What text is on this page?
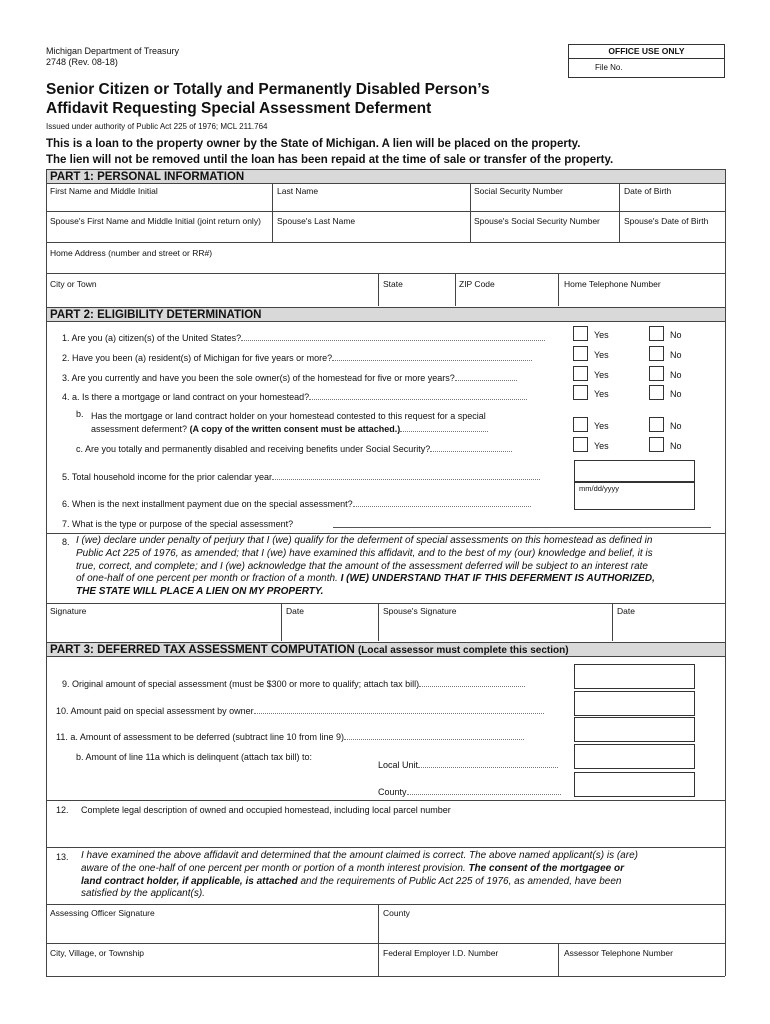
Michigan Department of Treasury
2748 (Rev. 08-18)
OFFICE USE ONLY
File No.
Senior Citizen or Totally and Permanently Disabled Person’s
Affidavit Requesting Special Assessment Deferment
Issued under authority of Public Act 225 of 1976; MCL 211.764
This is a loan to the property owner by the State of Michigan. A lien will be placed on the property.
The lien will not be removed until the loan has been repaid at the time of sale or transfer of the property.
PART 1: PERSONAL INFORMATION
First Name and Middle Initial	Last Name	Social Security Number	Date of Birth
Spouse's First Name and Middle Initial (joint return only) Spouse's Last Name	Spouse's Social Security Number	Spouse's Date of Birth
Home Address (number and street or RR#)
City or Town	State	ZIP Code	Home Telephone Number
PART 2: ELIGIBILITY DETERMINATION
1. Are you (a) citizen(s) of the United States?	Yes	No
2. Have you been (a) resident(s) of Michigan for five years or more?	Yes	No
3. Are you currently and have you been the sole owner(s) of the homestead for five or more years?	Yes	No
4. a. Is there a mortgage or land contract on your homestead?	Yes	No
b. Has the mortgage or land contract holder on your homestead contested to this request for a special
assessment deferment? (A copy of the written consent must be attached.)	Yes	No
c. Are you totally and permanently disabled and receiving benefits under Social Security?	Yes	No
5. Total household income for the prior calendar year
mm/dd/yyyy
6. When is the next installment payment due on the special assessment?
7. What is the type or purpose of the special assessment?
8. I (we) declare under penalty of perjury that I (we) qualify for the deferment of special assessments on this homestead as defined in
Public Act 225 of 1976, as amended; that I (we) have examined this affidavit, and to the best of my (our) knowledge and belief, it is
true, correct, and complete; and I (we) acknowledge that the amount of the assessment deferred will be subject to an interest rate
of one-half of one percent per month or fraction of a month. I (WE) UNDERSTAND THAT IF THIS DEFERMENT IS AUTHORIZED,
THE STATE WILL PLACE A LIEN ON MY PROPERTY.
Signature	Date	Spouse's Signature	Date
PART 3: DEFERRED TAX ASSESSMENT COMPUTATION (Local assessor must complete this section)
9. Original amount of special assessment (must be $300 or more to qualify; attach tax bill)
10. Amount paid on special assessment by owner
11. a. Amount of assessment to be deferred (subtract line 10 from line 9)
b. Amount of line 11a which is delinquent (attach tax bill) to:
Local Unit
County
12. Complete legal description of owned and occupied homestead, including local parcel number
13. I have examined the above affidavit and determined that the amount claimed is correct. The above named applicant(s) is (are)
aware of the one-half of one percent per month or portion of a month interest provision. The consent of the mortgagee or
land contract holder, if applicable, is attached and the requirements of Public Act 225 of 1976, as amended, have been
satisfied by the applicant(s).
Assessing Officer Signature	County
City, Village, or Township	Federal Employer I.D. Number	Assessor Telephone Number
